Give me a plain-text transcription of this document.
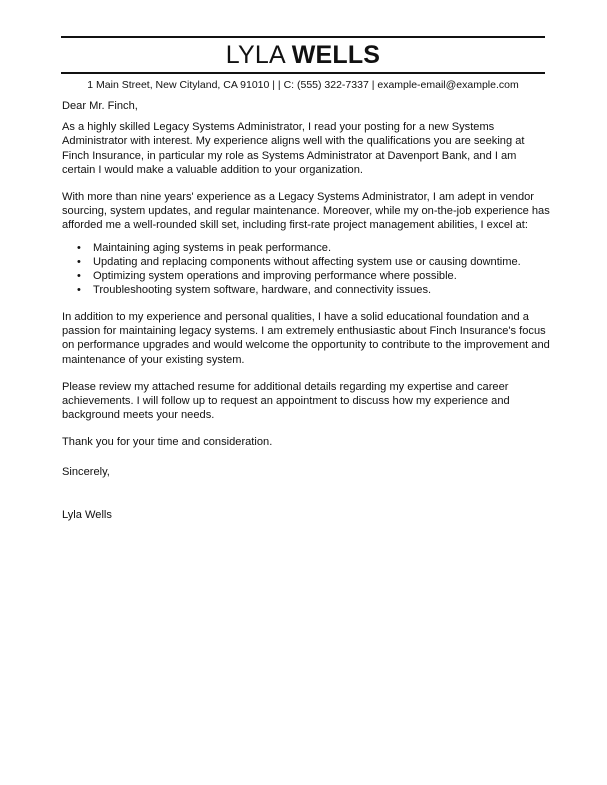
LYLA WELLS
1 Main Street, New Cityland, CA 91010 | | C: (555) 322-7337 | example-email@example.com

Dear Mr. Finch,

As a highly skilled Legacy Systems Administrator, I read your posting for a new Systems Administrator with interest. My experience aligns well with the qualifications you are seeking at Finch Insurance, in particular my role as Systems Administrator at Davenport Bank, and I am certain I would make a valuable addition to your organization.

With more than nine years' experience as a Legacy Systems Administrator, I am adept in vendor sourcing, system updates, and regular maintenance. Moreover, while my on-the-job experience has afforded me a well-rounded skill set, including first-rate project management abilities, I excel at:

• Maintaining aging systems in peak performance.
• Updating and replacing components without affecting system use or causing downtime.
• Optimizing system operations and improving performance where possible.
• Troubleshooting system software, hardware, and connectivity issues.

In addition to my experience and personal qualities, I have a solid educational foundation and a passion for maintaining legacy systems. I am extremely enthusiastic about Finch Insurance's focus on performance upgrades and would welcome the opportunity to contribute to the improvement and maintenance of your existing system.

Please review my attached resume for additional details regarding my expertise and career achievements. I will follow up to request an appointment to discuss how my experience and background meets your needs.

Thank you for your time and consideration.

Sincerely,

Lyla Wells
